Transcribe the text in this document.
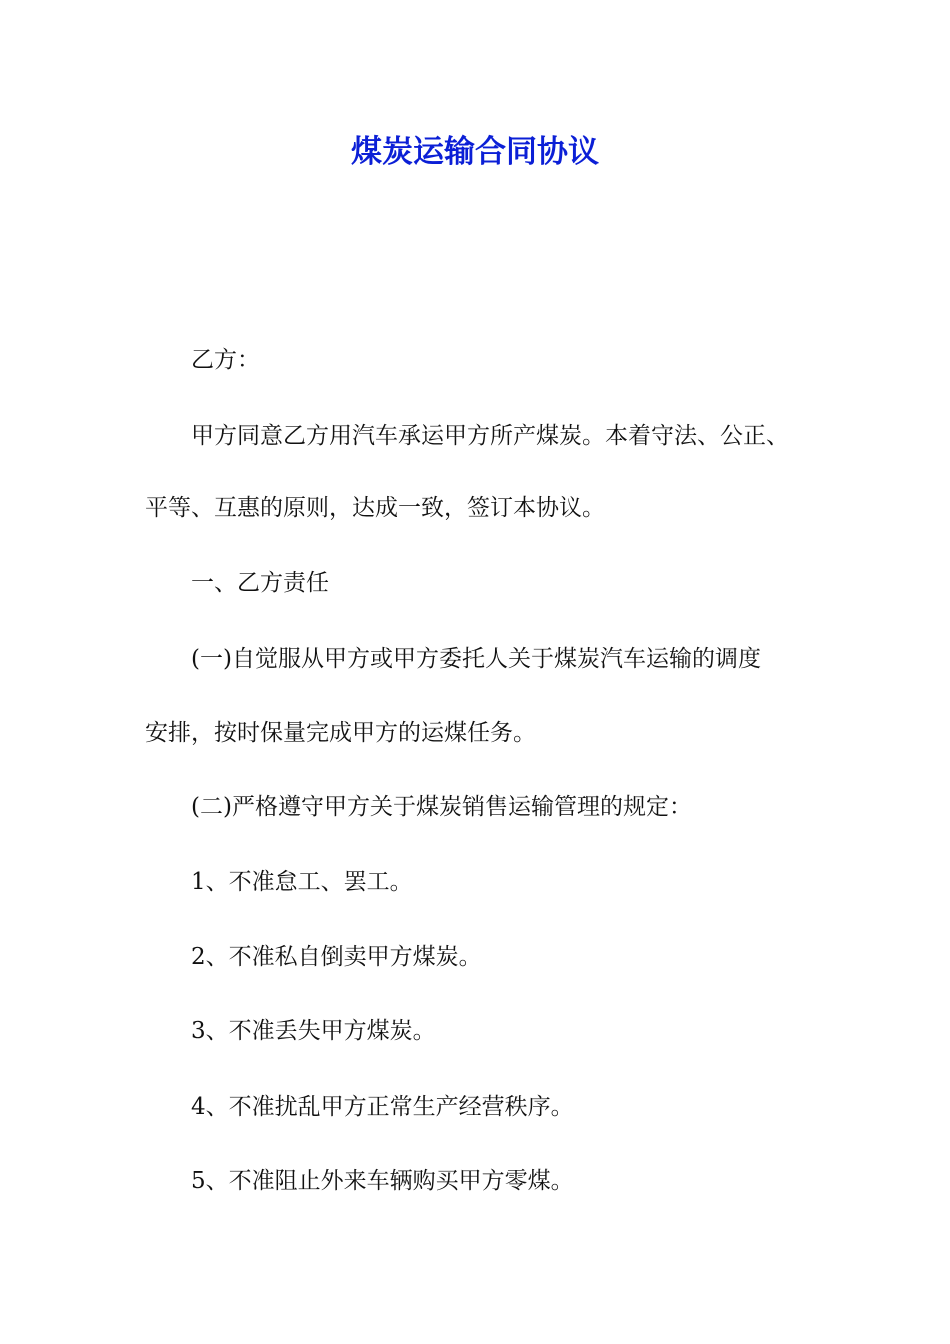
煤炭运输合同协议

乙方：

甲方同意乙方用汽车承运甲方所产煤炭。本着守法、公正、

平等、互惠的原则，达成一致，签订本协议。

一、乙方责任

(一)自觉服从甲方或甲方委托人关于煤炭汽车运输的调度

安排，按时保量完成甲方的运煤任务。

(二)严格遵守甲方关于煤炭销售运输管理的规定：

1、不准怠工、罢工。

2、不准私自倒卖甲方煤炭。

3、不准丢失甲方煤炭。

4、不准扰乱甲方正常生产经营秩序。

5、不准阻止外来车辆购买甲方零煤。
